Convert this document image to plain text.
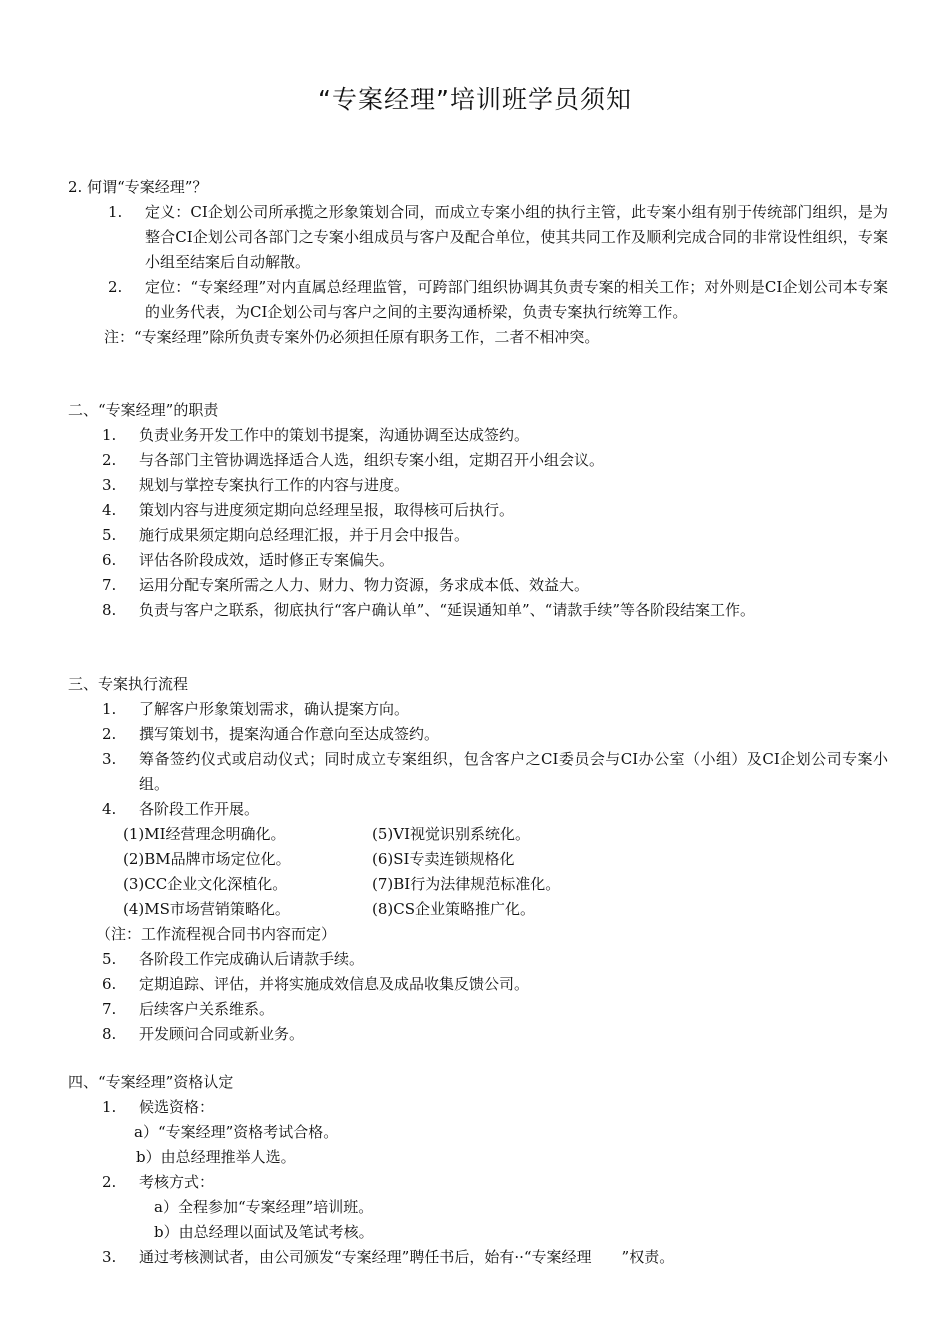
“专案经理”培训班学员须知
2. 何谓“专案经理”？
1. 定义：CI企划公司所承揽之形象策划合同，而成立专案小组的执行主管，此专案小组有别于传统部门组织，是为整合CI企划公司各部门之专案小组成员与客户及配合单位，使其共同工作及顺利完成合同的非常设性组织，专案小组至结案后自动解散。
2. 定位：“专案经理”对内直属总经理监管，可跨部门组织协调其负责专案的相关工作；对外则是CI企划公司本专案的业务代表，为CI企划公司与客户之间的主要沟通桥梁，负责专案执行统筹工作。
注：“专案经理”除所负责专案外仍必须担任原有职务工作，二者不相冲突。
二、“专案经理”的职责
1. 负责业务开发工作中的策划书提案，沟通协调至达成签约。
2. 与各部门主管协调选择适合人选，组织专案小组，定期召开小组会议。
3. 规划与掌控专案执行工作的内容与进度。
4. 策划内容与进度须定期向总经理呈报，取得核可后执行。
5. 施行成果须定期向总经理汇报，并于月会中报告。
6. 评估各阶段成效，适时修正专案偏失。
7. 运用分配专案所需之人力、财力、物力资源，务求成本低、效益大。
8. 负责与客户之联系，彻底执行“客户确认单”、“延误通知单”、“请款手续”等各阶段结案工作。
三、专案执行流程
1. 了解客户形象策划需求，确认提案方向。
2. 撰写策划书，提案沟通合作意向至达成签约。
3. 筹备签约仪式或启动仪式；同时成立专案组织，包含客户之CI委员会与CI办公室（小组）及CI企划公司专案小组。
4. 各阶段工作开展。
(1)MI经营理念明确化。	(5)VI视觉识别系统化。
(2)BM品牌市场定位化。	(6)SI专卖连锁规格化
(3)CC企业文化深植化。	(7)BI行为法律规范标准化。
(4)MS市场营销策略化。	(8)CS企业策略推广化。
（注：工作流程视合同书内容而定）
5. 各阶段工作完成确认后请款手续。
6. 定期追踪、评估，并将实施成效信息及成品收集反馈公司。
7. 后续客户关系维系。
8. 开发顾问合同或新业务。
四、“专案经理”资格认定
1. 候选资格：
a）“专案经理”资格考试合格。
b）由总经理推举人选。
2. 考核方式：
a）全程参加“专案经理”培训班。
b）由总经理以面试及笔试考核。
3. 通过考核测试者，由公司颁发“专案经理”聘任书后，始有··“专案经理　　”权责。
